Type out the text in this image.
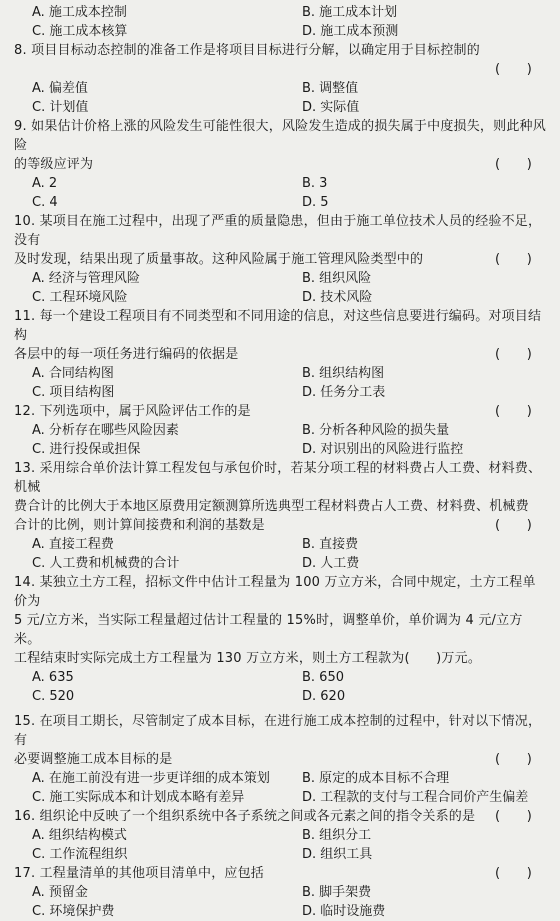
A. 施工成本控制	B. 施工成本计划
C. 施工成本核算	D. 施工成本预测

8. 项目目标动态控制的准备工作是将项目目标进行分解，以确定用于目标控制的

(　　)
A. 偏差值	B. 调整值
C. 计划值	D. 实际值

9. 如果估计价格上涨的风险发生可能性很大，风险发生造成的损失属于中度损失，则此种风险

的等级应评为	(　　)

A. 2	B. 3
C. 4	D. 5

10. 某项目在施工过程中，出现了严重的质量隐患，但由于施工单位技术人员的经验不足，没有

及时发现，结果出现了质量事故。这种风险属于施工管理风险类型中的	(　　)

A. 经济与管理风险	B. 组织风险
C. 工程环境风险	D. 技术风险

11. 每一个建设工程项目有不同类型和不同用途的信息，对这些信息要进行编码。对项目结构

各层中的每一项任务进行编码的依据是	(　　)

A. 合同结构图	B. 组织结构图
C. 项目结构图	D. 任务分工表

12. 下列选项中，属于风险评估工作的是	(　　)

A. 分析存在哪些风险因素	B. 分析各种风险的损失量
C. 进行投保或担保	D. 对识别出的风险进行监控

13. 采用综合单价法计算工程发包与承包价时，若某分项工程的材料费占人工费、材料费、机械

费合计的比例大于本地区原费用定额测算所选典型工程材料费占人工费、材料费、机械费

合计的比例，则计算间接费和利润的基数是	(　　)

A. 直接工程费	B. 直接费
C. 人工费和机械费的合计	D. 人工费

14. 某独立土方工程，招标文件中估计工程量为 100 万立方米，合同中规定，土方工程单价为

5 元/立方米，当实际工程量超过估计工程量的 15%时，调整单价，单价调为 4 元/立方米。

工程结束时实际完成土方工程量为 130 万立方米，则土方工程款为(　　)万元。

A. 635	B. 650
C. 520	D. 620

15. 在项目工期长，尽管制定了成本目标，在进行施工成本控制的过程中，针对以下情况，有

必要调整施工成本目标的是	(　　)

A. 在施工前没有进一步更详细的成本策划	B. 原定的成本目标不合理
C. 施工实际成本和计划成本略有差异	D. 工程款的支付与工程合同价产生偏差

16. 组织论中反映了一个组织系统中各子系统之间或各元素之间的指令关系的是 (　　)

A. 组织结构模式	B. 组织分工
C. 工作流程组织	D. 组织工具

17. 工程量清单的其他项目清单中，应包括	(　　)

A. 预留金	B. 脚手架费
C. 环境保护费	D. 临时设施费
